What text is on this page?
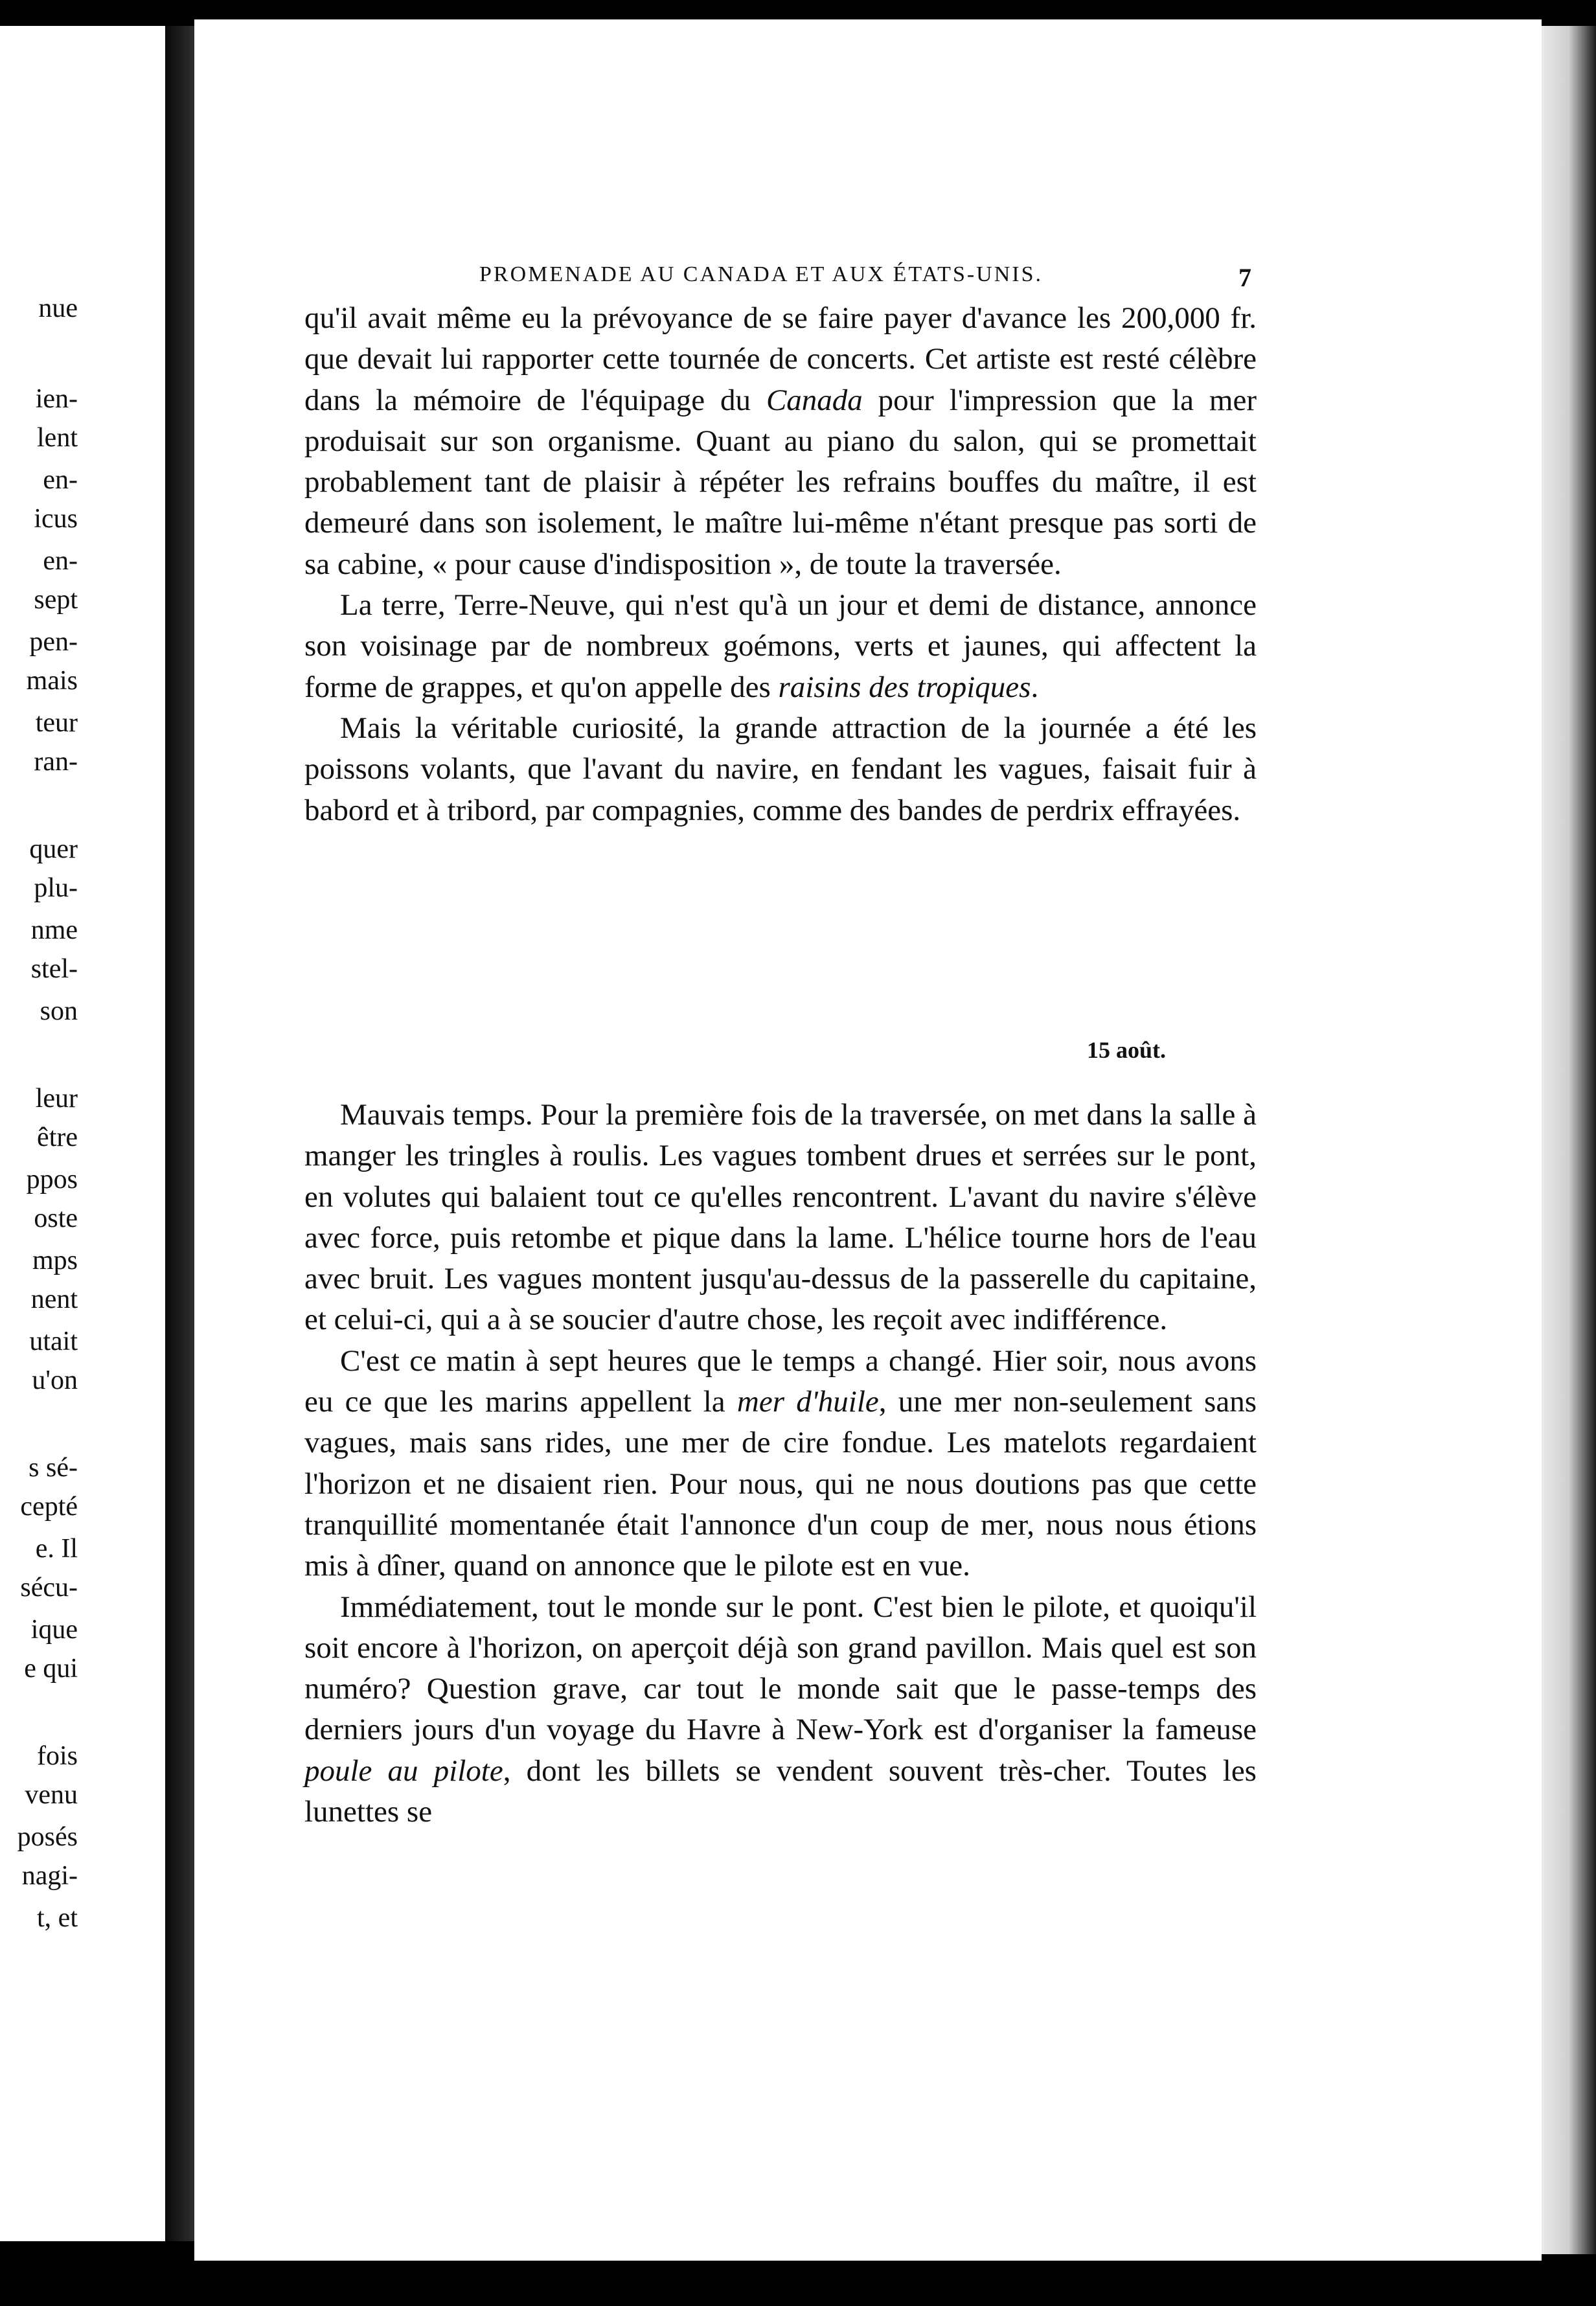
nue
ien-
lent
en-
icus
en-
sept
pen-
mais
teur
ran-
quer
plu-
nme
stel-
son
leur
être
ppos
oste
mps
nent
utait
u'on
s sé-
cepté
e. Il
sécu-
ique
e qui
fois
venu
posés
nagi-
t, et
PROMENADE AU CANADA ET AUX ÉTATS-UNIS.	7

qu'il avait même eu la prévoyance de se faire payer d'avance les 200,000 fr. que devait lui rapporter cette tournée de concerts. Cet artiste est resté célèbre dans la mémoire de l'équipage du Canada pour l'impression que la mer produisait sur son organisme. Quant au piano du salon, qui se promettait probablement tant de plaisir à répéter les refrains bouffes du maître, il est demeuré dans son isolement, le maître lui-même n'étant presque pas sorti de sa cabine, « pour cause d'indisposition », de toute la traversée.

La terre, Terre-Neuve, qui n'est qu'à un jour et demi de distance, annonce son voisinage par de nombreux goémons, verts et jaunes, qui affectent la forme de grappes, et qu'on appelle des raisins des tropiques.

Mais la véritable curiosité, la grande attraction de la journée a été les poissons volants, que l'avant du navire, en fendant les vagues, faisait fuir à babord et à tribord, par compagnies, comme des bandes de perdrix effrayées.

15 août.

Mauvais temps. Pour la première fois de la traversée, on met dans la salle à manger les tringles à roulis. Les vagues tombent drues et serrées sur le pont, en volutes qui balaient tout ce qu'elles rencontrent. L'avant du navire s'élève avec force, puis retombe et pique dans la lame. L'hélice tourne hors de l'eau avec bruit. Les vagues montent jusqu'au-dessus de la passerelle du capitaine, et celui-ci, qui a à se soucier d'autre chose, les reçoit avec indifférence.

C'est ce matin à sept heures que le temps a changé. Hier soir, nous avons eu ce que les marins appellent la mer d'huile, une mer non-seulement sans vagues, mais sans rides, une mer de cire fondue. Les matelots regardaient l'horizon et ne disaient rien. Pour nous, qui ne nous doutions pas que cette tranquillité momentanée était l'annonce d'un coup de mer, nous nous étions mis à dîner, quand on annonce que le pilote est en vue.

Immédiatement, tout le monde sur le pont. C'est bien le pilote, et quoiqu'il soit encore à l'horizon, on aperçoit déjà son grand pavillon. Mais quel est son numéro? Question grave, car tout le monde sait que le passe-temps des derniers jours d'un voyage du Havre à New-York est d'organiser la fameuse poule au pilote, dont les billets se vendent souvent très-cher. Toutes les lunettes se
